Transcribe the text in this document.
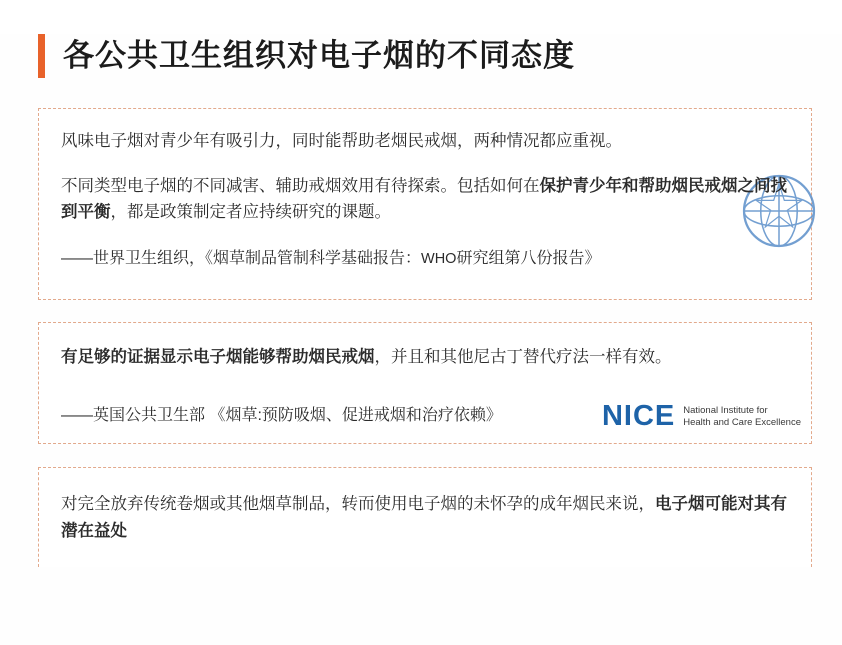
各公共卫生组织对电子烟的不同态度

风味电子烟对青少年有吸引力，同时能帮助老烟民戒烟，两种情况都应重视。

不同类型电子烟的不同减害、辅助戒烟效用有待探索。包括如何在保护青少年和帮助烟民戒烟之间找到平衡，都是政策制定者应持续研究的课题。

——世界卫生组织，《烟草制品管制科学基础报告：WHO研究组第八份报告》

有足够的证据显示电子烟能够帮助烟民戒烟，并且和其他尼古丁替代疗法一样有效。

——英国公共卫生部 《烟草:预防吸烟、促进戒烟和治疗依赖》	NICE National Institute for
Health and Care Excellence

对完全放弃传统卷烟或其他烟草制品，转而使用电子烟的未怀孕的成年烟民来说，电子烟可能对其有潜在益处
